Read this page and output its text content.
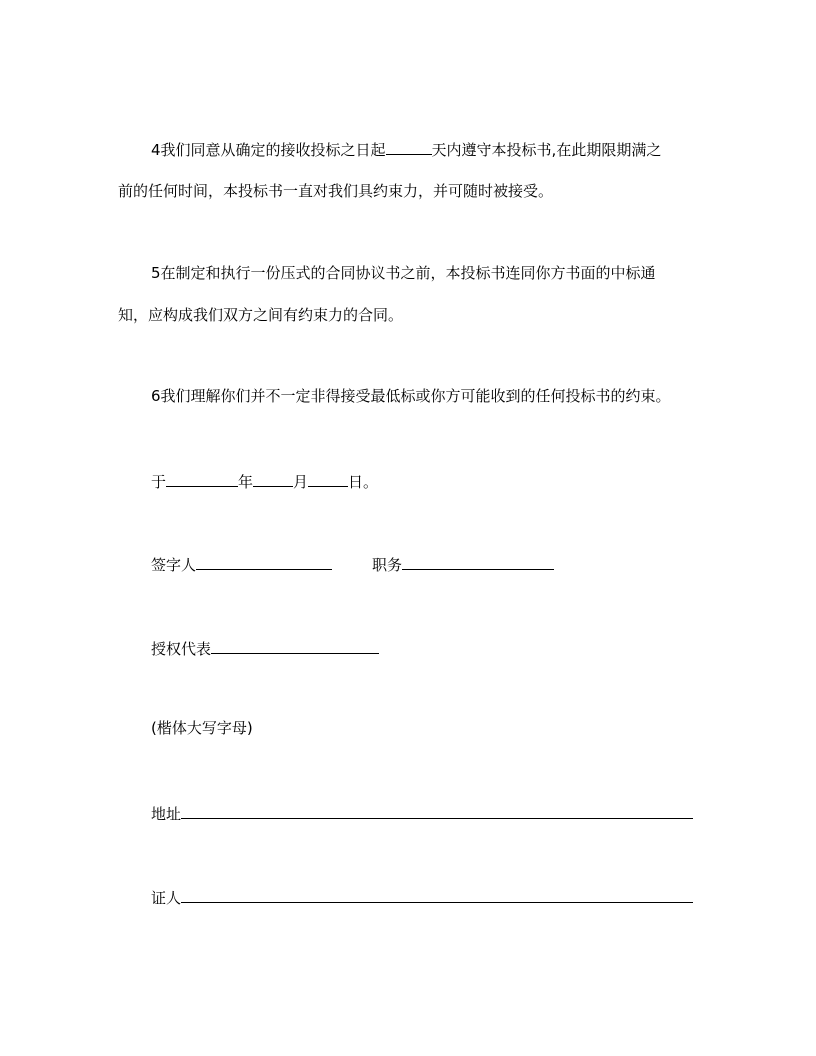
4我们同意从确定的接收投标之日起	天内遵守本投标书,在此期限期满之
前的任何时间，本投标书一直对我们具约束力，并可随时被接受。
5在制定和执行一份压式的合同协议书之前，本投标书连同你方书面的中标通
知，应构成我们双方之间有约束力的合同。
6我们理解你们并不一定非得接受最低标或你方可能收到的任何投标书的约束。
于	年	月	日。
签字人	职务
授权代表
(楷体大写字母)
地址
证人
